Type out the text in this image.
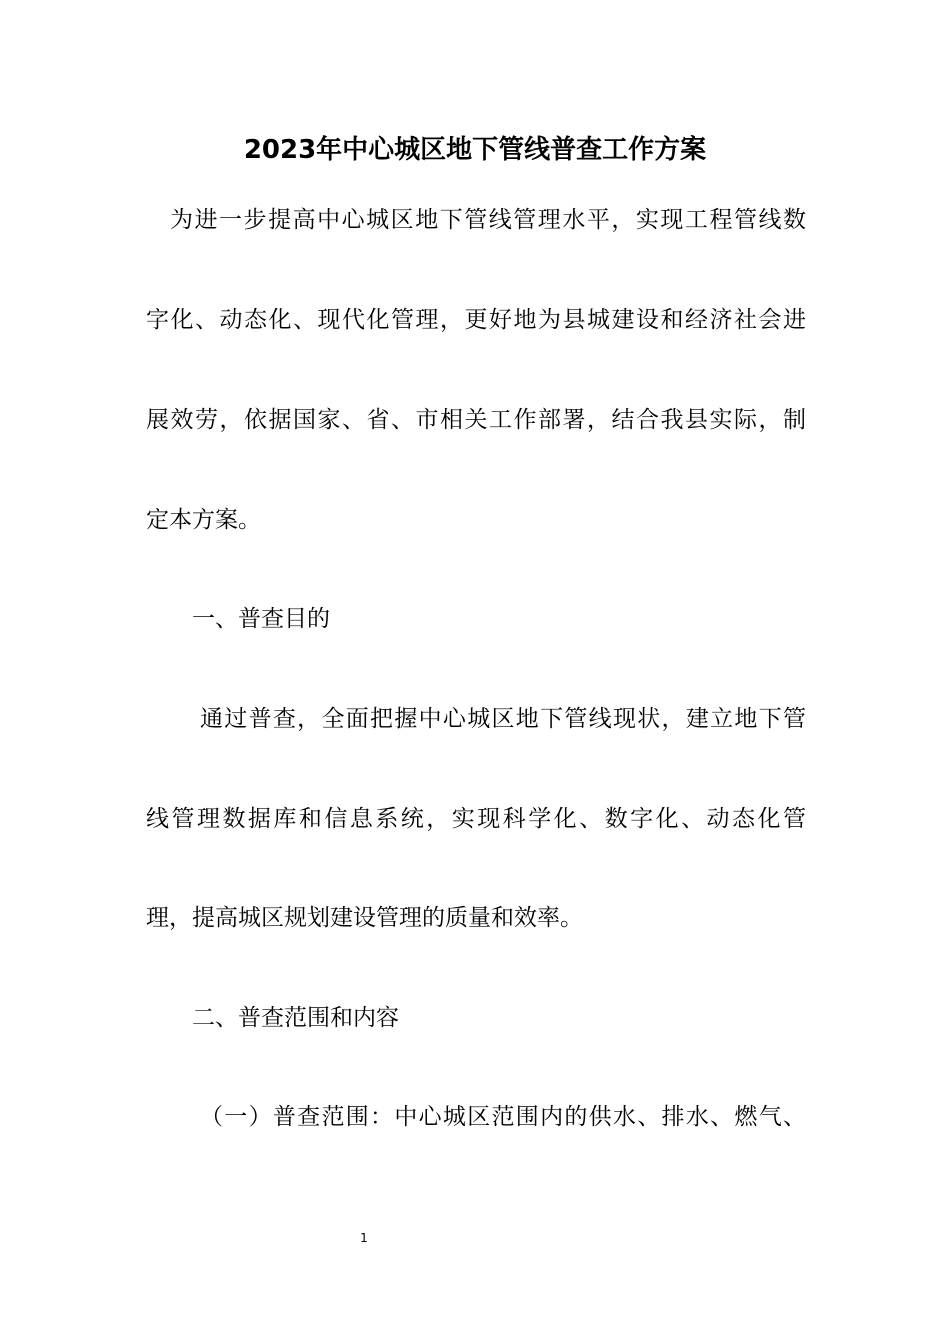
2023年中心城区地下管线普查工作方案

为进一步提高中心城区地下管线管理水平，实现工程管线数

字化、动态化、现代化管理，更好地为县城建设和经济社会进

展效劳，依据国家、省、市相关工作部署，结合我县实际，制

定本方案。

一、普查目的

通过普查，全面把握中心城区地下管线现状，建立地下管

线管理数据库和信息系统，实现科学化、数字化、动态化管

理，提高城区规划建设管理的质量和效率。

二、普查范围和内容

（一）普查范围：中心城区范围内的供水、排水、燃气、

1
